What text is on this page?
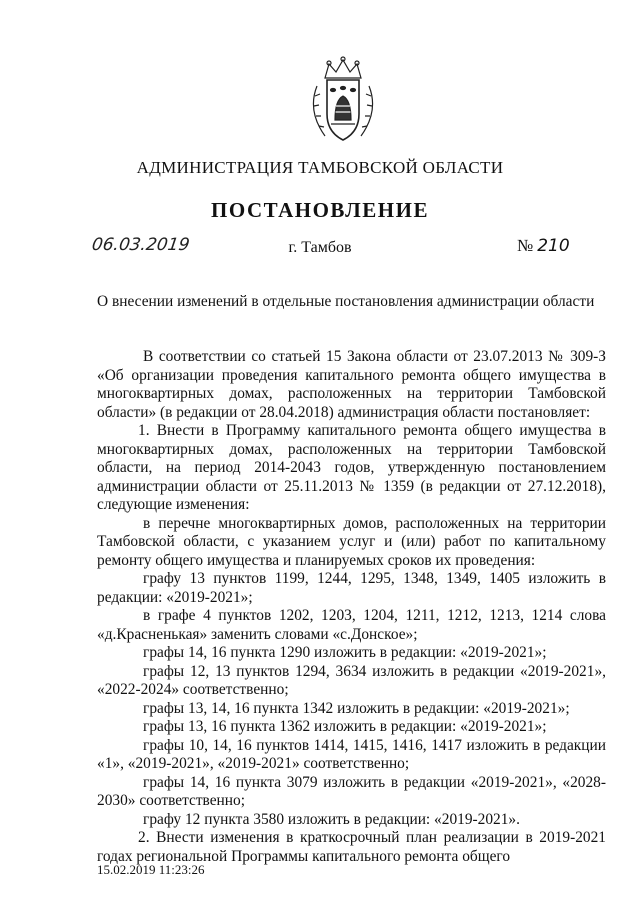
АДМИНИСТРАЦИЯ ТАМБОВСКОЙ ОБЛАСТИ
ПОСТАНОВЛЕНИЕ
06.03.2019	г. Тамбов	№ 210
О внесении изменений в отдельные постановления администрации области

В соответствии со статьей 15 Закона области от 23.07.2013 № 309-З «Об организации проведения капитального ремонта общего имущества в многоквартирных домах, расположенных на территории Тамбовской области» (в редакции от 28.04.2018) администрация области постановляет:

1. Внести в Программу капитального ремонта общего имущества в многоквартирных домах, расположенных на территории Тамбовской области, на период 2014-2043 годов, утвержденную постановлением администрации области от 25.11.2013 № 1359 (в редакции от 27.12.2018), следующие изменения:

в перечне многоквартирных домов, расположенных на территории Тамбовской области, с указанием услуг и (или) работ по капитальному ремонту общего имущества и планируемых сроков их проведения:

графу 13 пунктов 1199, 1244, 1295, 1348, 1349, 1405 изложить в редакции: «2019-2021»;

в графе 4 пунктов 1202, 1203, 1204, 1211, 1212, 1213, 1214 слова «д.Красненькая» заменить словами «с.Донское»;

графы 14, 16 пункта 1290 изложить в редакции: «2019-2021»;

графы 12, 13 пунктов 1294, 3634 изложить в редакции «2019-2021», «2022-2024» соответственно;

графы 13, 14, 16 пункта 1342 изложить в редакции: «2019-2021»;

графы 13, 16 пункта 1362 изложить в редакции: «2019-2021»;

графы 10, 14, 16 пунктов 1414, 1415, 1416, 1417 изложить в редакции «1», «2019-2021», «2019-2021» соответственно;

графы 14, 16 пункта 3079 изложить в редакции «2019-2021», «2028-2030» соответственно;

графу 12 пункта 3580 изложить в редакции: «2019-2021».

2. Внести изменения в краткосрочный план реализации в 2019-2021 годах региональной Программы капитального ремонта общего

15.02.2019 11:23:26
